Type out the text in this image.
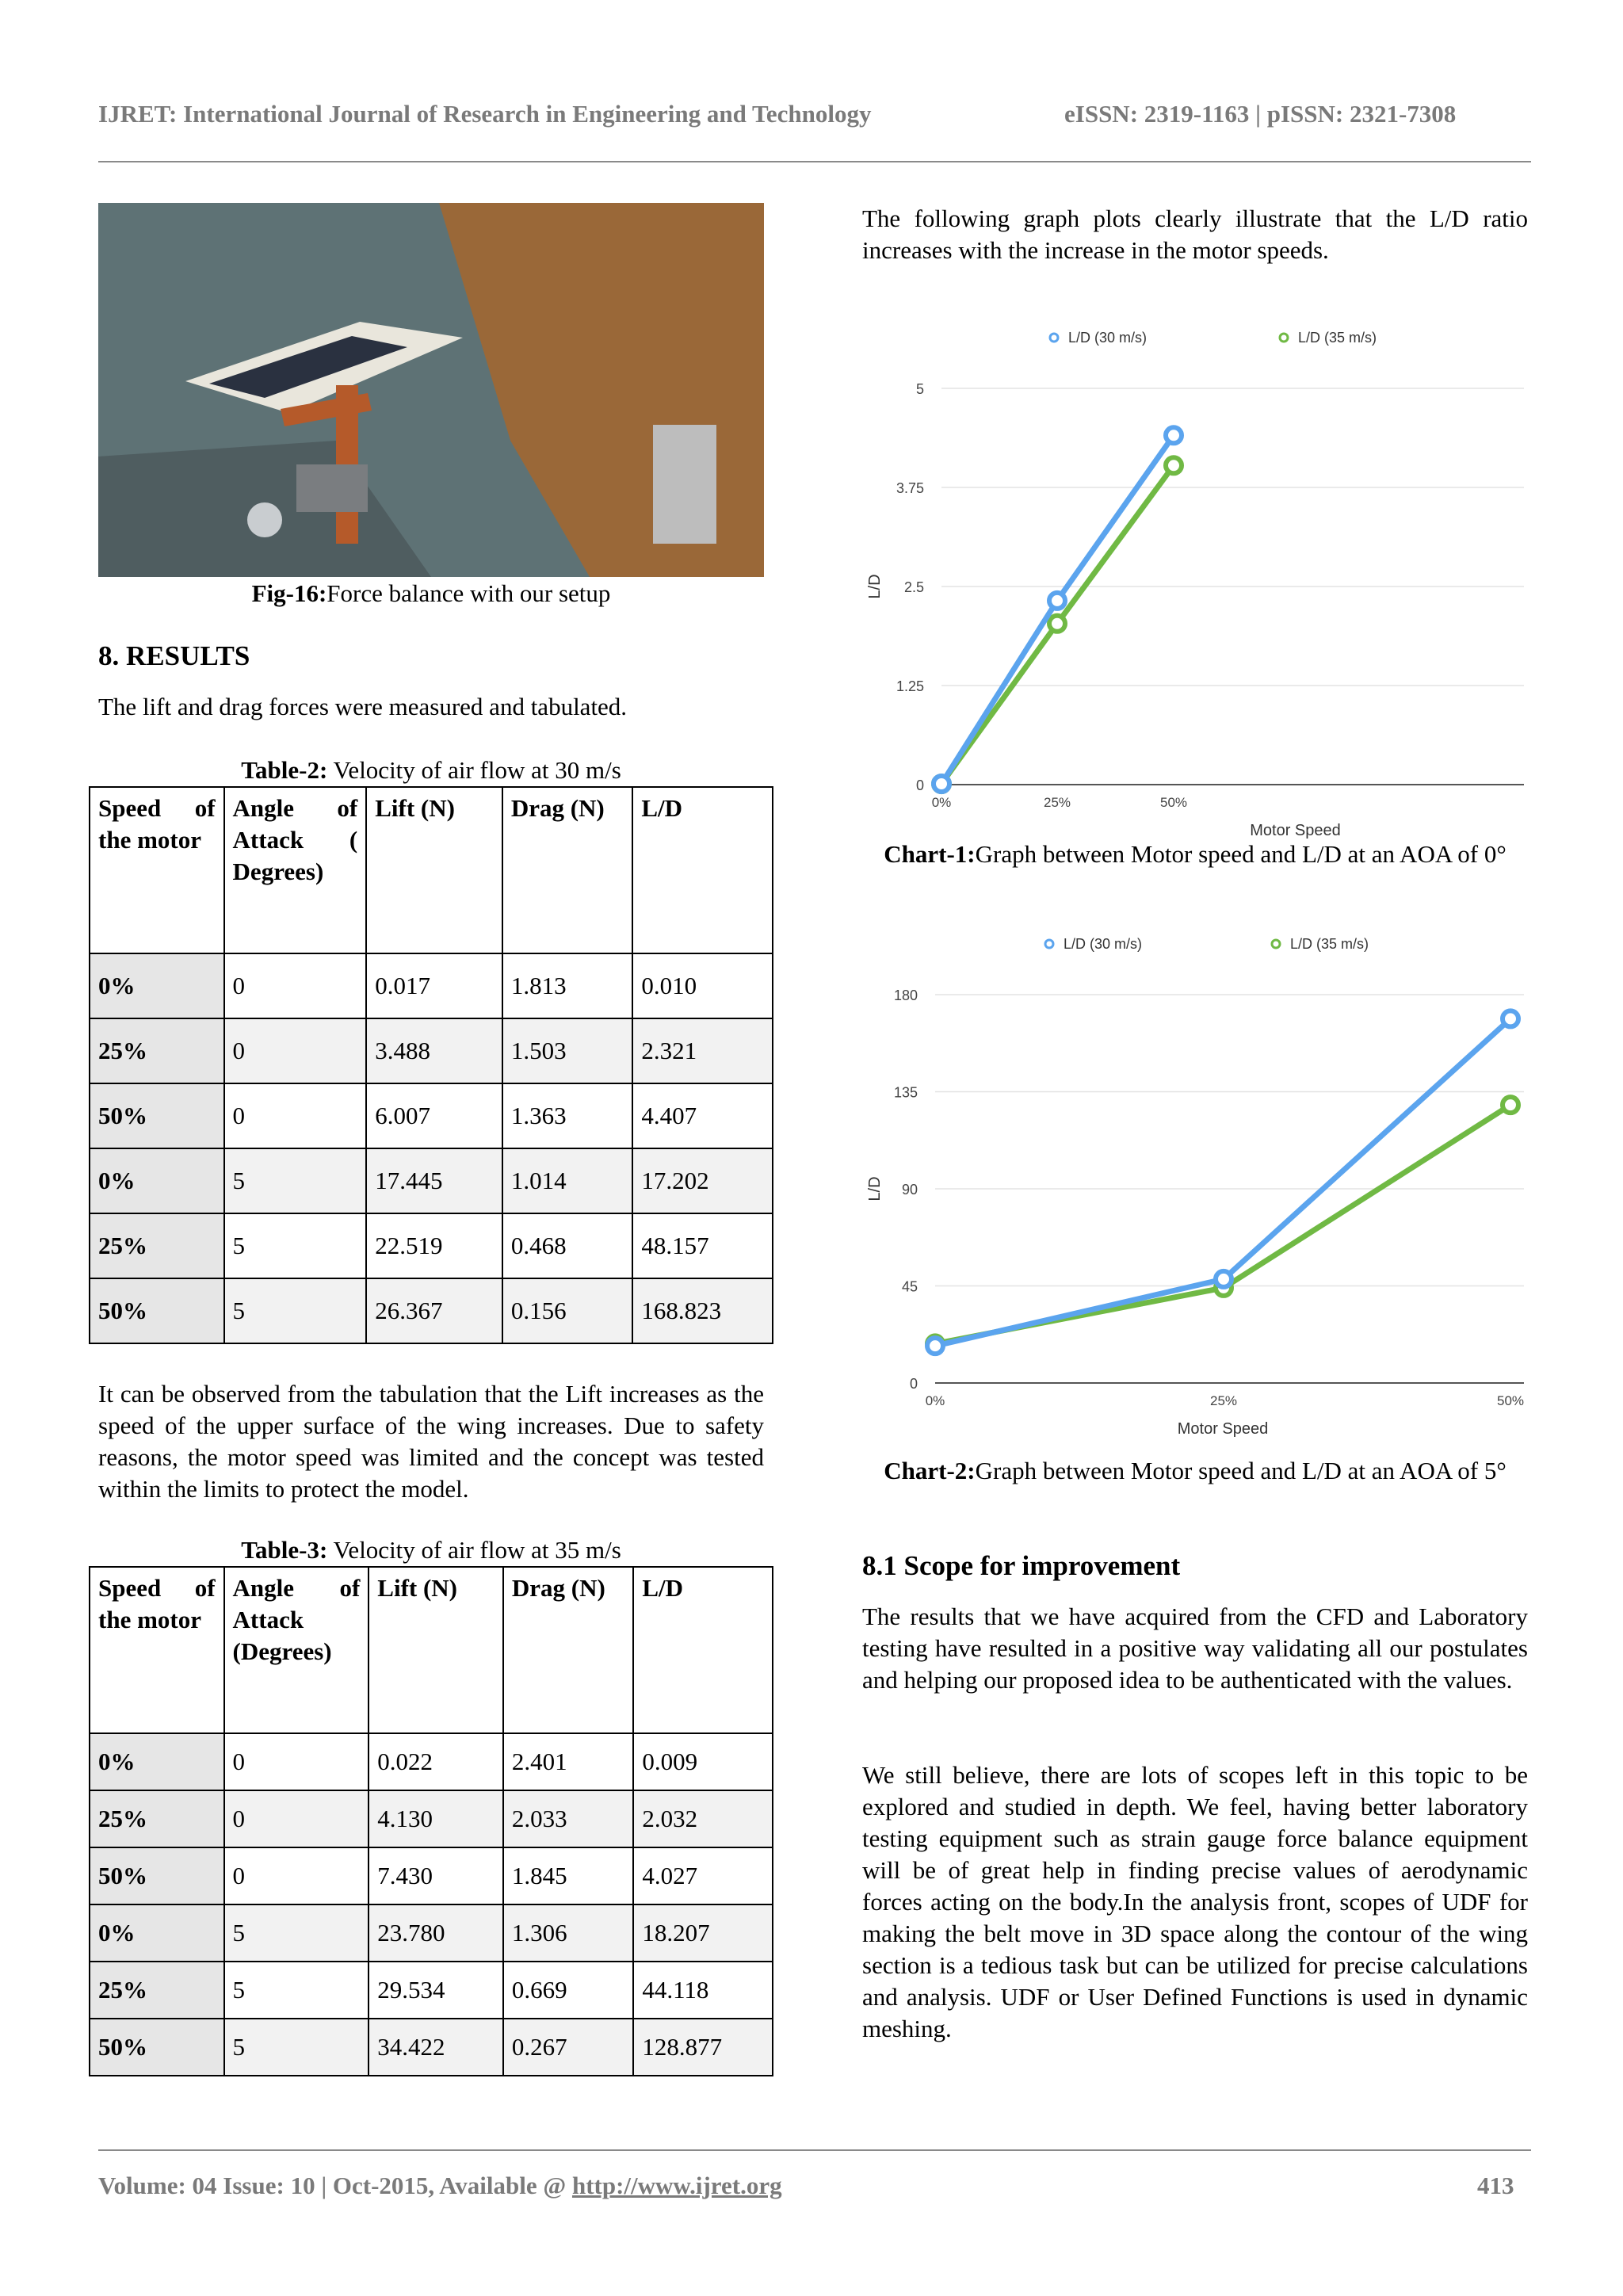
IJRET: International Journal of Research in Engineering and Technology	eISSN: 2319-1163 | pISSN: 2321-7308
Fig-16:Force balance with our setup
8. RESULTS
The lift and drag forces were measured and tabulated.
Table-2: Velocity of air flow at 30 m/s
Speed of the motor	Angle of Attack ( Degrees)	Lift (N)	Drag (N)	L/D
0%	0	0.017	1.813	0.010
25%	0	3.488	1.503	2.321
50%	0	6.007	1.363	4.407
0%	5	17.445	1.014	17.202
25%	5	22.519	0.468	48.157
50%	5	26.367	0.156	168.823
It can be observed from the tabulation that the Lift increases as the speed of the upper surface of the wing increases. Due to safety reasons, the motor speed was limited and the concept was tested within the limits to protect the model.
Table-3: Velocity of air flow at 35 m/s
Speed of the motor	Angle of Attack (Degrees)	Lift (N)	Drag (N)	L/D
0%	0	0.022	2.401	0.009
25%	0	4.130	2.033	2.032
50%	0	7.430	1.845	4.027
0%	5	23.780	1.306	18.207
25%	5	29.534	0.669	44.118
50%	5	34.422	0.267	128.877
The following graph plots clearly illustrate that the L/D ratio increases with the increase in the motor speeds.
0
1.25
2.5
3.75
5
0%	25%	50%
Motor Speed
L/D
L/D (30 m/s)	L/D (35 m/s)
Chart-1:Graph between Motor speed and L/D at an AOA of 0°
0
45
90
135
180
0%	25%	50%
Motor Speed
L/D
L/D (30 m/s)	L/D (35 m/s)
Chart-2:Graph between Motor speed and L/D at an AOA of 5°
8.1 Scope for improvement
The results that we have acquired from the CFD and Laboratory testing have resulted in a positive way validating all our postulates and helping our proposed idea to be authenticated with the values.
We still believe, there are lots of scopes left in this topic to be explored and studied in depth. We feel, having better laboratory testing equipment such as strain gauge force balance equipment will be of great help in finding precise values of aerodynamic forces acting on the body.In the analysis front, scopes of UDF for making the belt move in 3D space along the contour of the wing section is a tedious task but can be utilized for precise calculations and analysis. UDF or User Defined Functions is used in dynamic meshing.
Volume: 04 Issue: 10 | Oct-2015, Available @ http://www.ijret.org	413
